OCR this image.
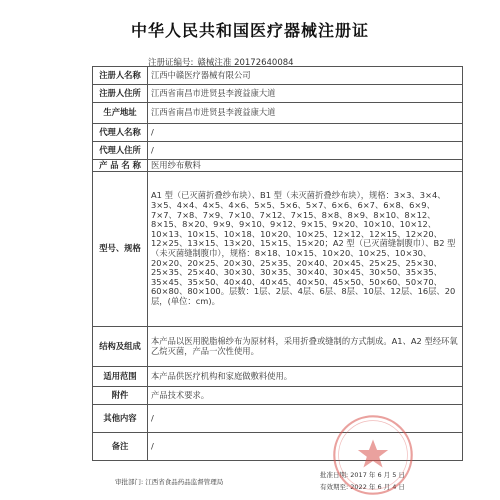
中华人民共和国医疗器械注册证
注册证编号: 赣械注准 20172640084
注册人名称	江西中赣医疗器械有限公司
注册人住所	江西省南昌市进贤县李渡益康大道
生产地址	江西省南昌市进贤县李渡益康大道
代理人名称	/
代理人住所	/
产 品 名 称	医用纱布敷料
型号、规格	A1 型（已灭菌折叠纱布块）、B1 型（未灭菌折叠纱布块），规格：3×3、3×4、3×5、4×4、4×5、4×6、5×5、5×6、5×7、6×6、6×7、6×8、6×9、7×7、7×8、7×9、7×10、7×12、7×15、8×8、8×9、8×10、8×12、8×15、8×20、9×9、9×10、9×12、9×15、9×20、10×10、10×12、10×13、10×15、10×18、10×20、10×25、12×12、12×15、12×20、12×25、13×15、13×20、15×15、15×20；A2 型（已灭菌缝制腹巾）、B2 型（未灭菌缝制腹巾），规格：8×18、10×15、10×20、10×25、10×30、20×20、20×25、20×30、25×35、20×40、20×45、25×25、25×30、25×35、25×40、30×30、30×35、30×40、30×45、30×50、35×35、35×45、35×50、40×40、40×45、40×50、45×50、50×60、50×70、60×80、80×100。层数：1层、2层、4层、6层、8层、10层、12层、16层、20层，(单位：cm)。
结构及组成	本产品以医用脱脂棉纱布为原材料，采用折叠或缝制的方式制成。A1、A2 型经环氧乙烷灭菌，产品一次性使用。
适用范围	本产品供医疗机构和家庭做敷料使用。
附件	产品技术要求。
其他内容	/
备注	/
审批部门: 江西省食品药品监督管理局
批准日期: 2017 年 6 月 5 日
有效期至: 2022 年 6 月 4 日
